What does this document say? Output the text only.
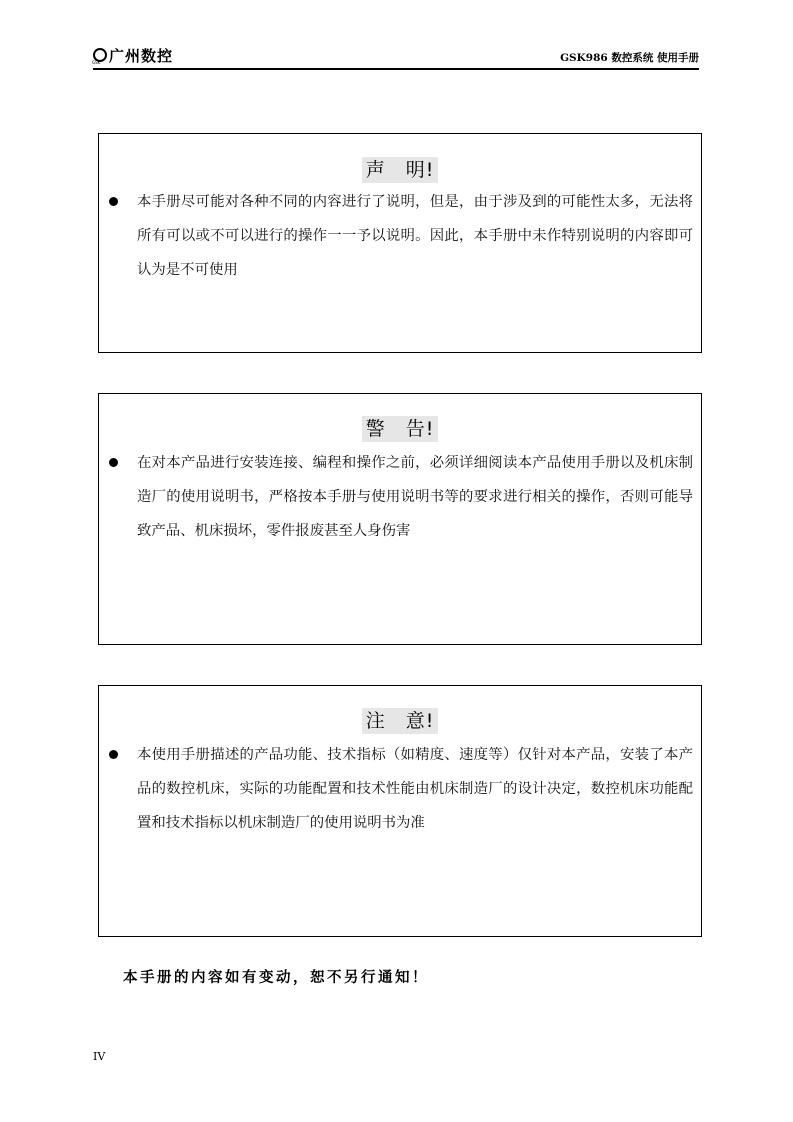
GSK 广州数控	GSK986 数控系统 使用手册
声　明!
本手册尽可能对各种不同的内容进行了说明，但是，由于涉及到的可能性太多，无法将所有可以或不可以进行的操作一一予以说明。因此，本手册中未作特别说明的内容即可认为是不可使用
警　告!
在对本产品进行安装连接、编程和操作之前，必须详细阅读本产品使用手册以及机床制造厂的使用说明书，严格按本手册与使用说明书等的要求进行相关的操作，否则可能导致产品、机床损坏，零件报废甚至人身伤害
注　意!
本使用手册描述的产品功能、技术指标（如精度、速度等）仅针对本产品，安装了本产品的数控机床，实际的功能配置和技术性能由机床制造厂的设计决定，数控机床功能配置和技术指标以机床制造厂的使用说明书为准
本手册的内容如有变动，恕不另行通知！
IV
